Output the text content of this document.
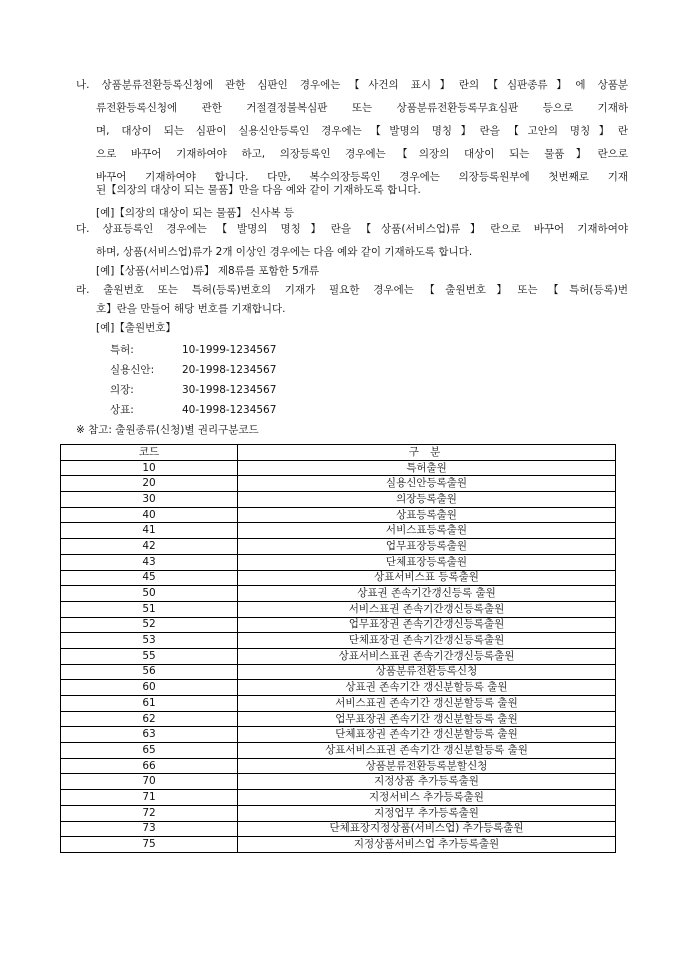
나. 상품분류전환등록신청에 관한 심판인 경우에는【사건의 표시】란의【심판종류】에 상품분
류전환등록신청에 관한 거절결정불복심판 또는 상품분류전환등록무효심판 등으로 기재하
며, 대상이 되는 심판이 실용신안등록인 경우에는【발명의 명칭】란을【고안의 명칭】란
으로 바꾸어 기재하여야 하고, 의장등록인 경우에는【의장의 대상이 되는 물품】란으로
바꾸어 기재하여야 합니다. 다만, 복수의장등록인 경우에는 의장등록원부에 첫번째로 기재
된【의장의 대상이 되는 물품】만을 다음 예와 같이 기재하도록 합니다.
[예]【의장의 대상이 되는 물품】 신사복 등
다. 상표등록인 경우에는【발명의 명칭】란을【상품(서비스업)류】란으로 바꾸어 기재하여야
하며, 상품(서비스업)류가 2개 이상인 경우에는 다음 예와 같이 기재하도록 합니다.
[예]【상품(서비스업)류】 제8류를 포함한 5개류
라. 출원번호 또는 특허(등록)번호의 기재가 필요한 경우에는【출원번호】또는【특허(등록)번
호】란을 만들어 해당 번호를 기재합니다.
[예]【출원번호】
특허:	10-1999-1234567
실용신안:	20-1998-1234567
의장:	30-1998-1234567
상표:	40-1998-1234567
※ 참고: 출원종류(신청)별 권리구분코드
코드	구 분
10	특허출원
20	실용신안등록출원
30	의장등록출원
40	상표등록출원
41	서비스표등록출원
42	업무표장등록출원
43	단체표장등록출원
45	상표서비스표 등록출원
50	상표권 존속기간갱신등록 출원
51	서비스표권 존속기간갱신등록출원
52	업무표장권 존속기간갱신등록출원
53	단체표장권 존속기간갱신등록출원
55	상표서비스표권 존속기간갱신등록출원
56	상품분류전환등록신청
60	상표권 존속기간 갱신분할등록 출원
61	서비스표권 존속기간 갱신분할등록 출원
62	업무표장권 존속기간 갱신분할등록 출원
63	단체표장권 존속기간 갱신분할등록 출원
65	상표서비스표권 존속기간 갱신분할등록 출원
66	상품분류전환등록분할신청
70	지정상품 추가등록출원
71	지정서비스 추가등록출원
72	지정업무 추가등록출원
73	단체표장지정상품(서비스업) 추가등록출원
75	지정상품서비스업 추가등록출원
